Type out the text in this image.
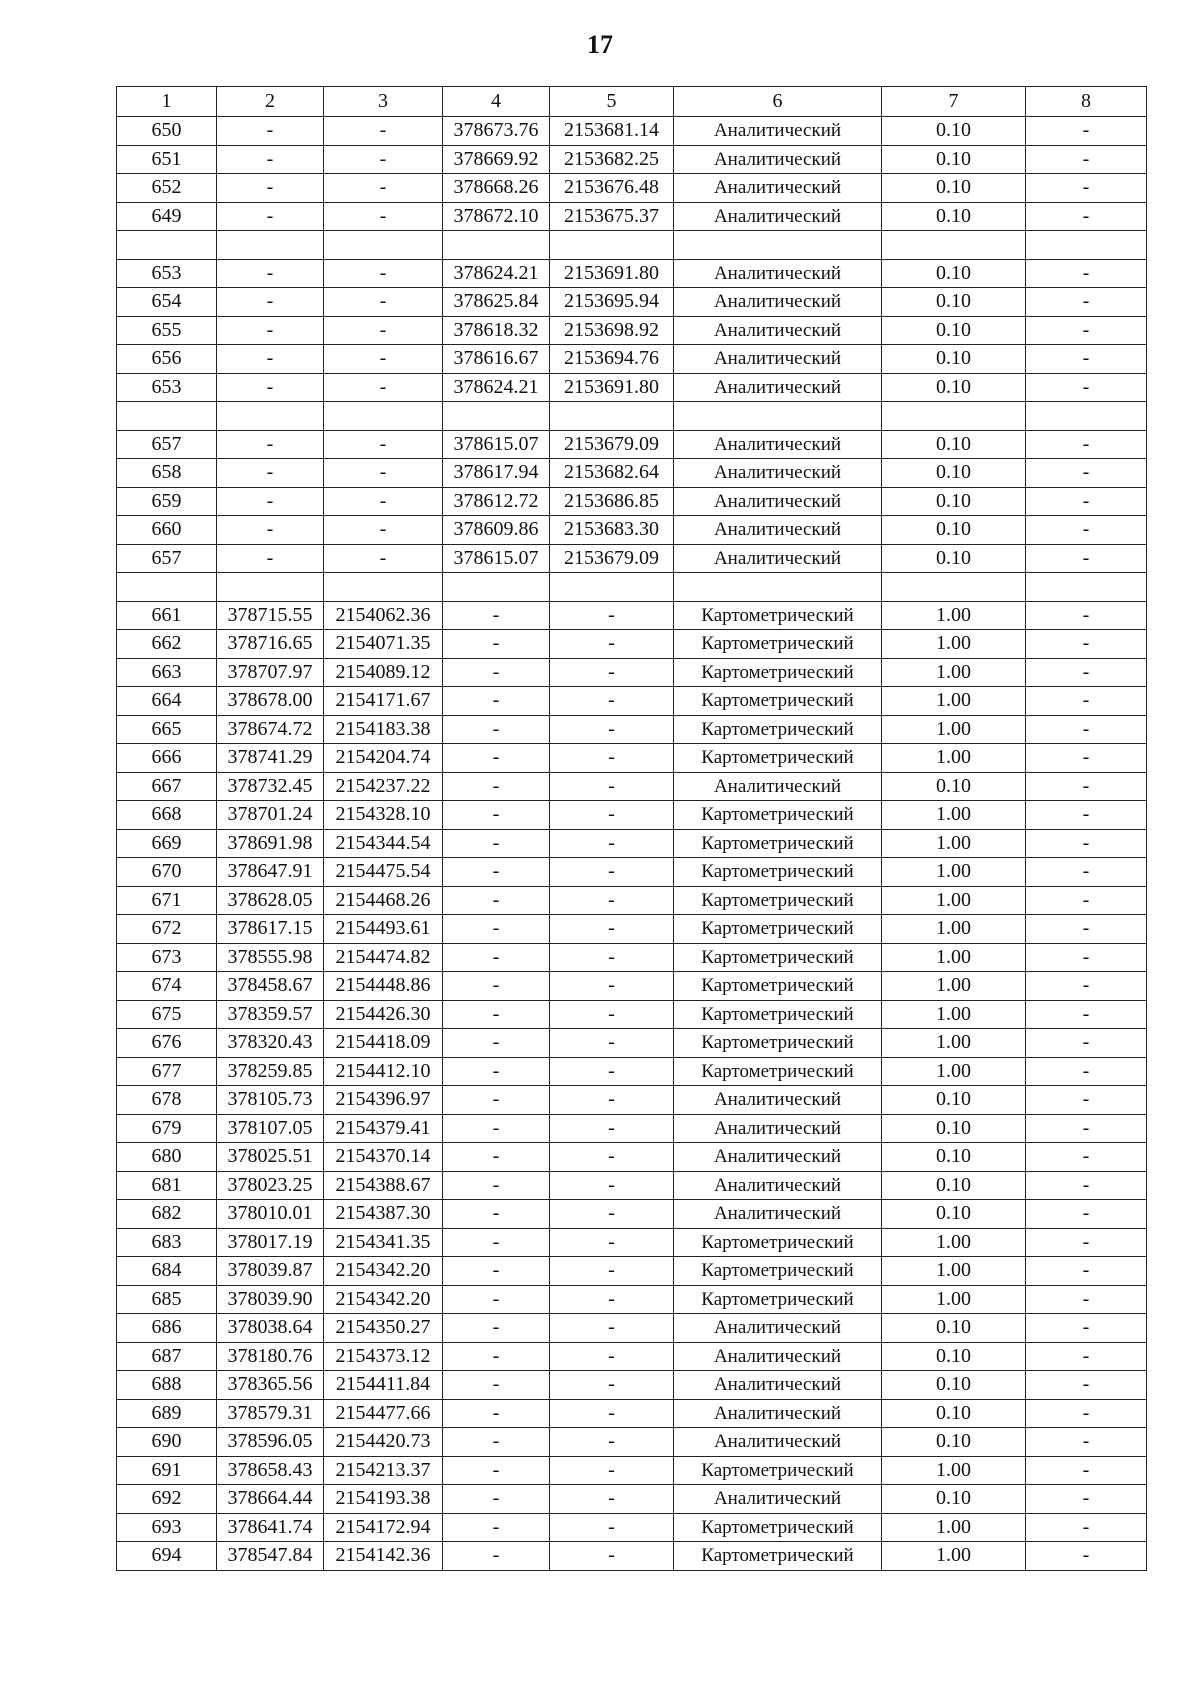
17
1	2	3	4	5	6	7	8
650	-	-	378673.76	2153681.14	Аналитический	0.10	-
651	-	-	378669.92	2153682.25	Аналитический	0.10	-
652	-	-	378668.26	2153676.48	Аналитический	0.10	-
649	-	-	378672.10	2153675.37	Аналитический	0.10	-

653	-	-	378624.21	2153691.80	Аналитический	0.10	-
654	-	-	378625.84	2153695.94	Аналитический	0.10	-
655	-	-	378618.32	2153698.92	Аналитический	0.10	-
656	-	-	378616.67	2153694.76	Аналитический	0.10	-
653	-	-	378624.21	2153691.80	Аналитический	0.10	-

657	-	-	378615.07	2153679.09	Аналитический	0.10	-
658	-	-	378617.94	2153682.64	Аналитический	0.10	-
659	-	-	378612.72	2153686.85	Аналитический	0.10	-
660	-	-	378609.86	2153683.30	Аналитический	0.10	-
657	-	-	378615.07	2153679.09	Аналитический	0.10	-

661	378715.55	2154062.36	-	-	Картометрический	1.00	-
662	378716.65	2154071.35	-	-	Картометрический	1.00	-
663	378707.97	2154089.12	-	-	Картометрический	1.00	-
664	378678.00	2154171.67	-	-	Картометрический	1.00	-
665	378674.72	2154183.38	-	-	Картометрический	1.00	-
666	378741.29	2154204.74	-	-	Картометрический	1.00	-
667	378732.45	2154237.22	-	-	Аналитический	0.10	-
668	378701.24	2154328.10	-	-	Картометрический	1.00	-
669	378691.98	2154344.54	-	-	Картометрический	1.00	-
670	378647.91	2154475.54	-	-	Картометрический	1.00	-
671	378628.05	2154468.26	-	-	Картометрический	1.00	-
672	378617.15	2154493.61	-	-	Картометрический	1.00	-
673	378555.98	2154474.82	-	-	Картометрический	1.00	-
674	378458.67	2154448.86	-	-	Картометрический	1.00	-
675	378359.57	2154426.30	-	-	Картометрический	1.00	-
676	378320.43	2154418.09	-	-	Картометрический	1.00	-
677	378259.85	2154412.10	-	-	Картометрический	1.00	-
678	378105.73	2154396.97	-	-	Аналитический	0.10	-
679	378107.05	2154379.41	-	-	Аналитический	0.10	-
680	378025.51	2154370.14	-	-	Аналитический	0.10	-
681	378023.25	2154388.67	-	-	Аналитический	0.10	-
682	378010.01	2154387.30	-	-	Аналитический	0.10	-
683	378017.19	2154341.35	-	-	Картометрический	1.00	-
684	378039.87	2154342.20	-	-	Картометрический	1.00	-
685	378039.90	2154342.20	-	-	Картометрический	1.00	-
686	378038.64	2154350.27	-	-	Аналитический	0.10	-
687	378180.76	2154373.12	-	-	Аналитический	0.10	-
688	378365.56	2154411.84	-	-	Аналитический	0.10	-
689	378579.31	2154477.66	-	-	Аналитический	0.10	-
690	378596.05	2154420.73	-	-	Аналитический	0.10	-
691	378658.43	2154213.37	-	-	Картометрический	1.00	-
692	378664.44	2154193.38	-	-	Аналитический	0.10	-
693	378641.74	2154172.94	-	-	Картометрический	1.00	-
694	378547.84	2154142.36	-	-	Картометрический	1.00	-
